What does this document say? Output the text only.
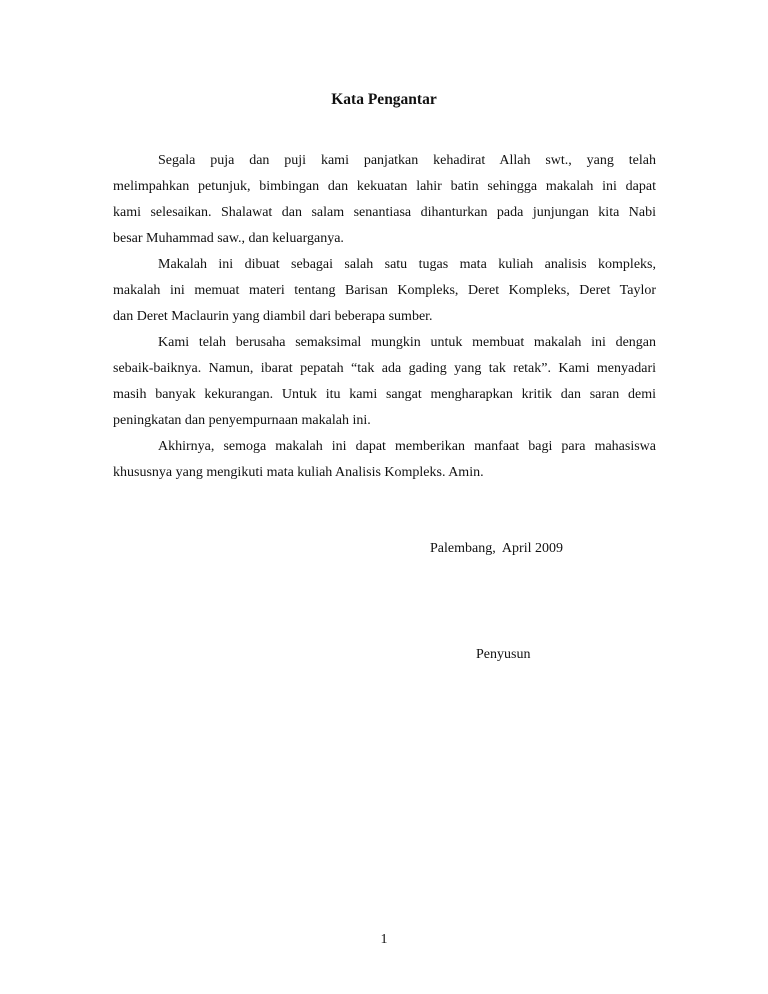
Kata Pengantar
Segala puja dan puji kami panjatkan kehadirat Allah swt., yang telah
melimpahkan petunjuk, bimbingan dan kekuatan lahir batin sehingga makalah ini dapat
kami selesaikan. Shalawat dan salam senantiasa dihanturkan pada junjungan kita Nabi
besar Muhammad saw., dan keluarganya.
Makalah ini dibuat sebagai salah satu tugas mata kuliah analisis kompleks,
makalah ini memuat materi tentang Barisan Kompleks, Deret Kompleks, Deret Taylor
dan Deret Maclaurin yang diambil dari beberapa sumber.
Kami telah berusaha semaksimal mungkin untuk membuat makalah ini dengan
sebaik-baiknya. Namun, ibarat pepatah “tak ada gading yang tak retak”. Kami menyadari
masih banyak kekurangan. Untuk itu kami sangat mengharapkan kritik dan saran demi
peningkatan dan penyempurnaan makalah ini.
Akhirnya, semoga makalah ini dapat memberikan manfaat bagi para mahasiswa
khususnya yang mengikuti mata kuliah Analisis Kompleks. Amin.
Palembang,  April 2009
Penyusun
1
